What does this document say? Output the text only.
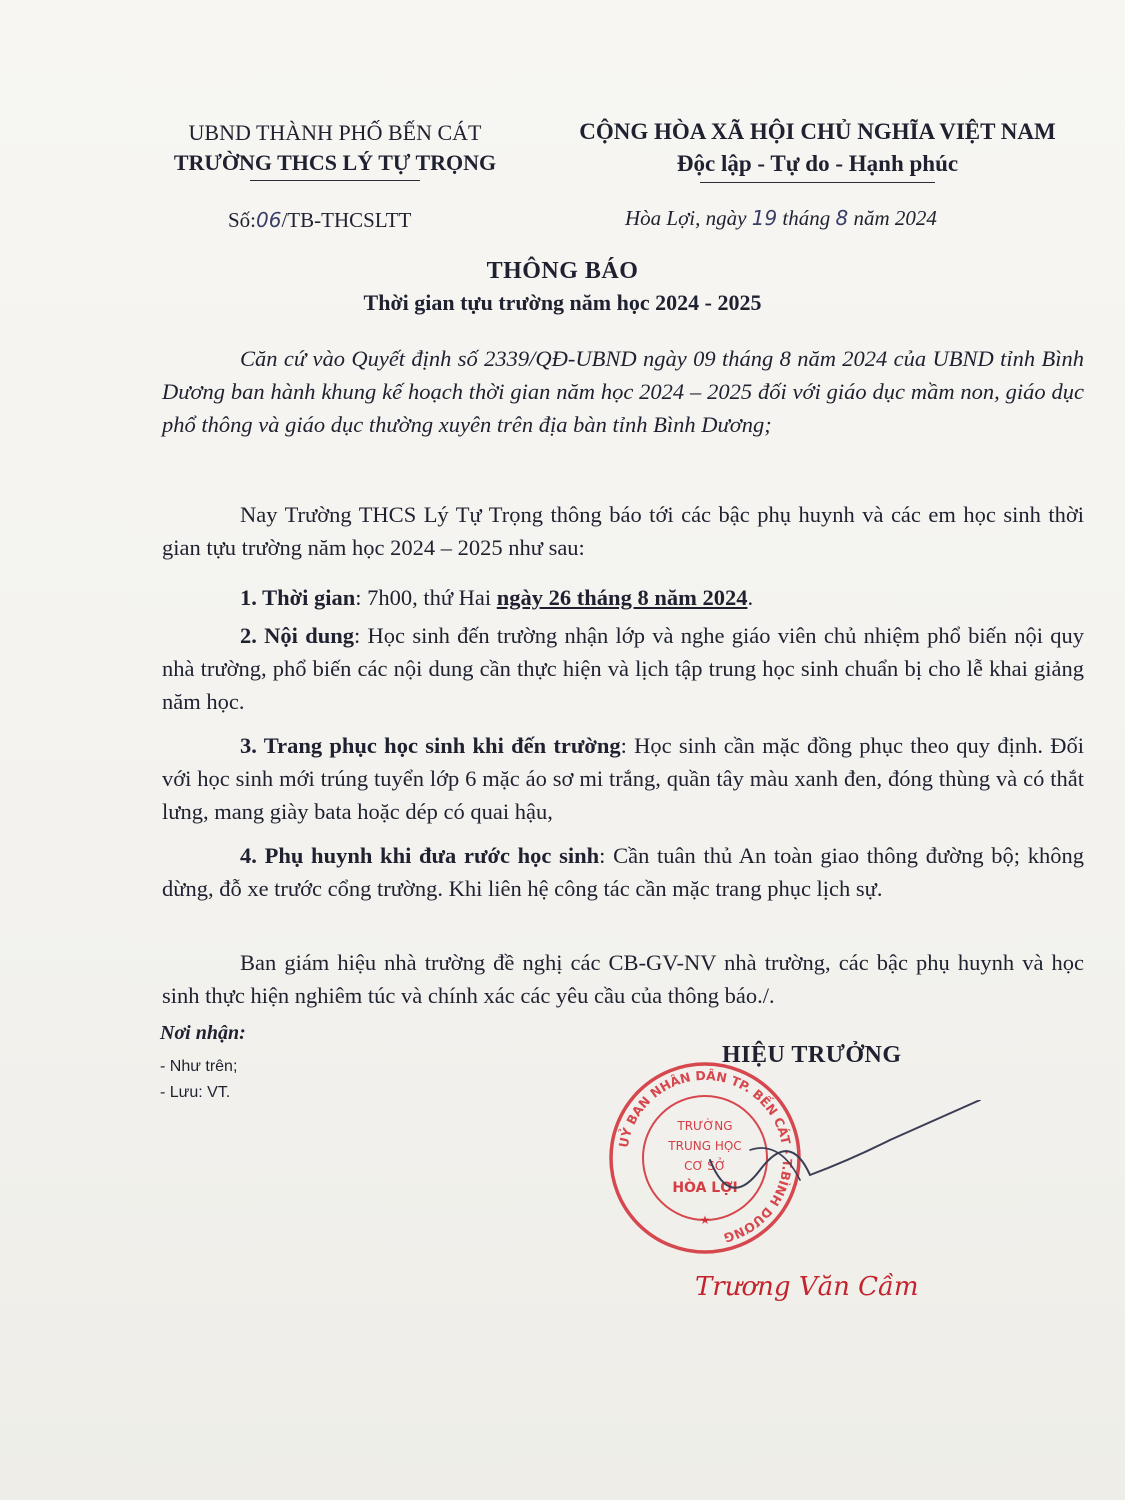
UBND THÀNH PHỐ BẾN CÁT
TRƯỜNG THCS LÝ TỰ TRỌNG
CỘNG HÒA XÃ HỘI CHỦ NGHĨA VIỆT NAM
Độc lập - Tự do - Hạnh phúc
Số:06/TB-THCSLTT	Hòa Lợi, ngày 19 tháng 8 năm 2024
THÔNG BÁO
Thời gian tựu trường năm học 2024 - 2025

Căn cứ vào Quyết định số 2339/QĐ-UBND ngày 09 tháng 8 năm 2024 của UBND tỉnh Bình Dương ban hành khung kế hoạch thời gian năm học 2024 – 2025 đối với giáo dục mầm non, giáo dục phổ thông và giáo dục thường xuyên trên địa bàn tỉnh Bình Dương;

Nay Trường THCS Lý Tự Trọng thông báo tới các bậc phụ huynh và các em học sinh thời gian tựu trường năm học 2024 – 2025 như sau:

1. Thời gian: 7h00, thứ Hai ngày 26 tháng 8 năm 2024.

2. Nội dung: Học sinh đến trường nhận lớp và nghe giáo viên chủ nhiệm phổ biến nội quy nhà trường, phổ biến các nội dung cần thực hiện và lịch tập trung học sinh chuẩn bị cho lễ khai giảng năm học.

3. Trang phục học sinh khi đến trường: Học sinh cần mặc đồng phục theo quy định. Đối với học sinh mới trúng tuyển lớp 6 mặc áo sơ mi trắng, quần tây màu xanh đen, đóng thùng và có thắt lưng, mang giày bata hoặc dép có quai hậu,

4. Phụ huynh khi đưa rước học sinh: Cần tuân thủ An toàn giao thông đường bộ; không dừng, đỗ xe trước cổng trường. Khi liên hệ công tác cần mặc trang phục lịch sự.

Ban giám hiệu nhà trường đề nghị các CB-GV-NV nhà trường, các bậc phụ huynh và học sinh thực hiện nghiêm túc và chính xác các yêu cầu của thông báo./.

Nơi nhận:
- Như trên;
- Lưu: VT.
HIỆU TRƯỞNG
UỶ BAN NHÂN DÂN TP. BẾN CÁT - T.BÌNH DƯƠNG
TRƯỜNG
TRUNG HỌC
CƠ SỞ
HÒA LỢI
★
Trương Văn Cầm
